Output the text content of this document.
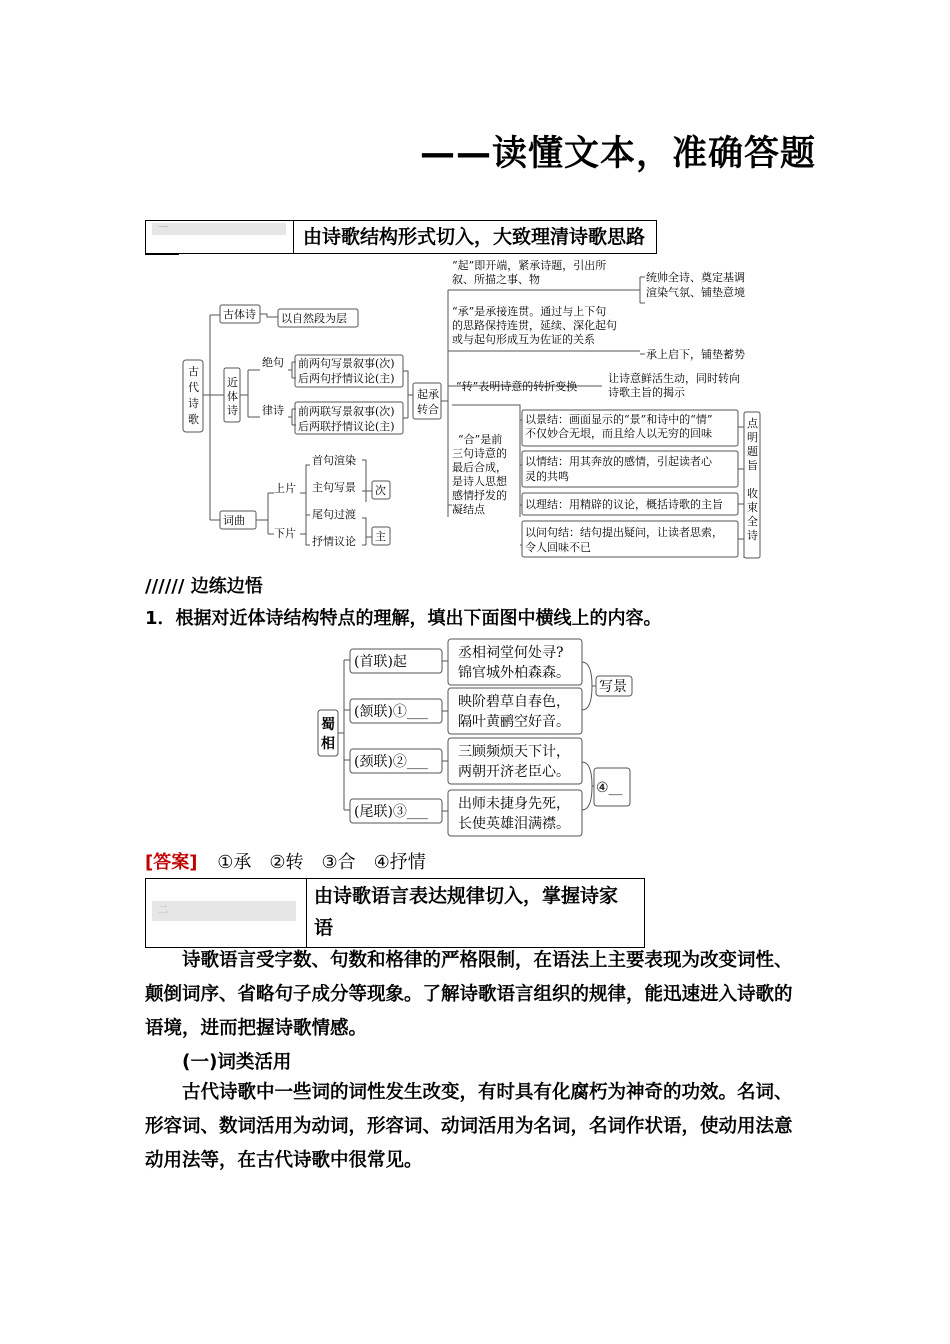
——读懂文本，准确答题
一	由诗歌结构形式切入，大致理清诗歌思路
古
代
诗
歌
古体诗 以自然段为层
近
体
诗
绝句
律诗
前两句写景叙事(次)
后两句抒情议论(主)
前两联写景叙事(次)
后两联抒情议论(主)
起承
转合
“起”即开端，紧承诗题，引出所
叙、所描之事、物	统帅全诗、奠定基调
渲染气氛、铺垫意境
“承”是承接连贯。通过与上下句
的思路保持连贯，延续、深化起句
或与起句形成互为佐证的关系
承上启下，铺垫蓄势
“转”表明诗意的转折变换
让诗意鲜活生动，同时转向
诗歌主旨的揭示
“合”是前
三句诗意的
最后合成，
是诗人思想
感情抒发的
凝结点
以景结：画面显示的“景”和诗中的“情”
不仅妙合无垠，而且给人以无穷的回味
以情结：用其奔放的感情，引起读者心
灵的共鸣
以理结：用精辟的议论，概括诗歌的主旨
以问句结：结句提出疑问，让读者思索，
令人回味不已
点
明
题
旨
收
束
全
诗
词曲
上片
下片
首句渲染
主句写景
尾句过渡
抒情议论
次
主
////// 边练边悟
1．根据对近体诗结构特点的理解，填出下面图中横线上的内容。
蜀
相
(首联)起
(颔联)①___
(颈联)②___
(尾联)③___
丞相祠堂何处寻?
锦官城外柏森森。
映阶碧草自春色，
隔叶黄鹂空好音。
三顾频烦天下计，
两朝开济老臣心。
出师未捷身先死，
长使英雄泪满襟。
写景
④__
[答案] ①承　②转　③合　④抒情
二
由诗歌语言表达规律切入，掌握诗家
语
诗歌语言受字数、句数和格律的严格限制，在语法上主要表现为改变词性、颠倒词序、省略句子成分等现象。了解诗歌语言组织的规律，能迅速进入诗歌的语境，进而把握诗歌情感。
(一)词类活用
古代诗歌中一些词的词性发生改变，有时具有化腐朽为神奇的功效。名词、形容词、数词活用为动词，形容词、动词活用为名词，名词作状语，使动用法意动用法等，在古代诗歌中很常见。
